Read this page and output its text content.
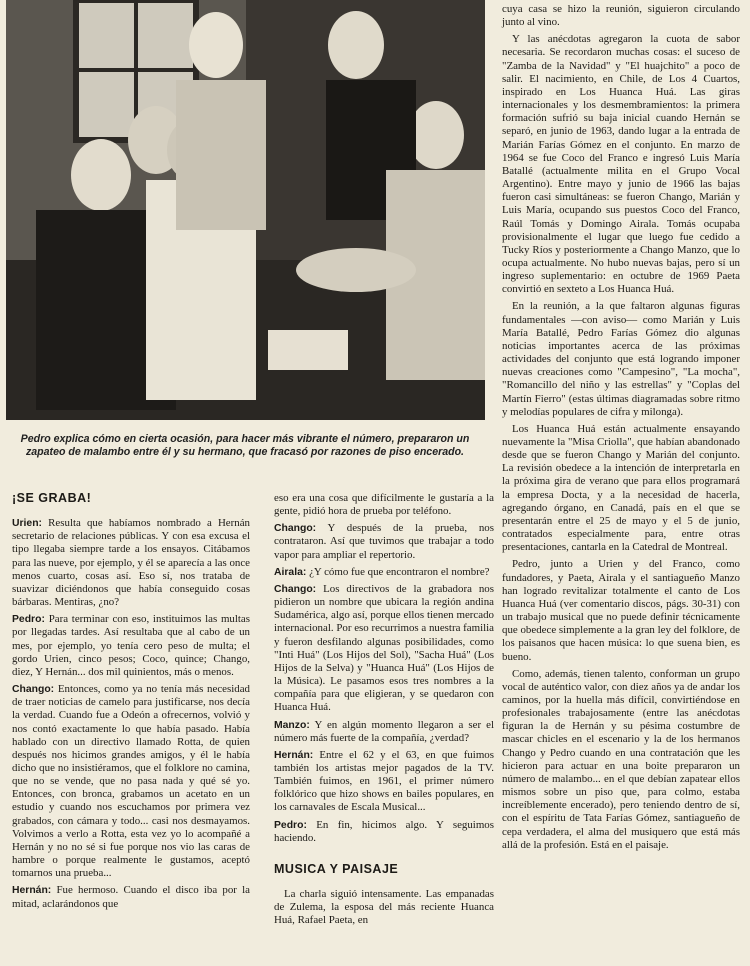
Pedro explica cómo en cierta ocasión, para hacer más vibrante el número, prepararon un zapateo de malambo entre él y su hermano, que fracasó por razones de piso encerado.
¡SE GRABA!

Urien: Resulta que habíamos nombrado a Hernán secretario de relaciones públicas. Y con esa excusa el tipo llegaba siempre tarde a los ensayos. Citábamos para las nueve, por ejemplo, y él se aparecía a las once menos cuarto, cosas así. Eso sí, nos trataba de suavizar diciéndonos que había conseguido cosas bárbaras. Mentiras, ¿no?

Pedro: Para terminar con eso, instituimos las multas por llegadas tardes. Así resultaba que al cabo de un mes, por ejemplo, yo tenía cero peso de multa; el gordo Urien, cinco pesos; Coco, quince; Chango, diez, Y Hernán... dos mil quinientos, más o menos.

Chango: Entonces, como ya no tenía más necesidad de traer noticias de camelo para justificarse, nos decía la verdad. Cuando fue a Odeón a ofrecernos, volvió y nos contó exactamente lo que había pasado. Había hablado con un directivo llamado Rotta, de quien después nos hicimos grandes amigos, y él le había dicho que no insistiéramos, que el folklore no camina, que no se vende, que no pasa nada y qué sé yo. Entonces, con bronca, grabamos un acetato en un estudio y cuando nos escuchamos por primera vez grabados, con cámara y todo... casi nos desmayamos. Volvimos a verlo a Rotta, esta vez yo lo acompañé a Hernán y no no sé si fue porque nos vio las caras de hambre o porque realmente le gustamos, aceptó tomarnos una prueba...

Hernán: Fue hermoso. Cuando el disco iba por la mitad, aclarándonos que

eso era una cosa que difícilmente le gustaría a la gente, pidió hora de prueba por teléfono.

Chango: Y después de la prueba, nos contrataron. Así que tuvimos que trabajar a todo vapor para ampliar el repertorio.

Airala: ¿Y cómo fue que encontraron el nombre?

Chango: Los directivos de la grabadora nos pidieron un nombre que ubicara la región andina Sudamérica, algo así, porque ellos tienen mercado internacional. Por eso recurrimos a nuestra familia y fueron desfilando algunas posibilidades, como "Inti Huá" (Los Hijos del Sol), "Sacha Huá" (Los Hijos de la Selva) y "Huanca Huá" (Los Hijos de la Música). Le pasamos esos tres nombres a la compañía para que eligieran, y se quedaron con Huanca Huá.

Manzo: Y en algún momento llegaron a ser el número más fuerte de la compañía, ¿verdad?

Hernán: Entre el 62 y el 63, en que fuimos también los artistas mejor pagados de la TV. También fuimos, en 1961, el primer número folklórico que hizo shows en bailes populares, en los carnavales de Escala Musical...

Pedro: En fin, hicimos algo. Y seguimos haciendo.

MUSICA Y PAISAJE

La charla siguió intensamente. Las empanadas de Zulema, la esposa del más reciente Huanca Huá, Rafael Paeta, en

cuya casa se hizo la reunión, siguieron circulando junto al vino.

Y las anécdotas agregaron la cuota de sabor necesaria. Se recordaron muchas cosas: el suceso de "Zamba de la Navidad" y "El huajchito" a poco de salir. El nacimiento, en Chile, de Los 4 Cuartos, inspirado en Los Huanca Huá. Las giras internacionales y los desmembramientos: la primera formación sufrió su baja inicial cuando Hernán se separó, en junio de 1963, dando lugar a la entrada de Marián Farías Gómez en el conjunto. En marzo de 1964 se fue Coco del Franco e ingresó Luis María Batallé (actualmente milita en el Grupo Vocal Argentino). Entre mayo y junio de 1966 las bajas fueron casi simultáneas: se fueron Chango, Marián y Luis María, ocupando sus puestos Coco del Franco, Raúl Tomás y Domingo Airala. Tomás ocupaba provisionalmente el lugar que luego fue cedido a Tucky Ríos y posteriormente a Chango Manzo, que lo ocupa actualmente. No hubo nuevas bajas, pero sí un ingreso suplementario: en octubre de 1969 Paeta convirtió en sexteto a Los Huanca Huá.

En la reunión, a la que faltaron algunas figuras fundamentales —con aviso— como Marián y Luis María Batallé, Pedro Farías Gómez dio algunas noticias importantes acerca de las próximas actividades del conjunto que está logrando imponer nuevas creaciones como "Campesino", "La mocha", "Romancillo del niño y las estrellas" y "Coplas del Martín Fierro" (estas últimas diagramadas sobre ritmo y melodías populares de cifra y milonga).

Los Huanca Huá están actualmente ensayando nuevamente la "Misa Criolla", que habían abandonado desde que se fueron Chango y Marián del conjunto. La revisión obedece a la intención de interpretarla en la próxima gira de verano que para ellos programará la empresa Docta, y a la necesidad de hacerla, agregando órgano, en Canadá, país en el que se presentarán entre el 25 de mayo y el 5 de junio, contratados especialmente para, entre otras presentaciones, cantarla en la Catedral de Montreal.

Pedro, junto a Urien y del Franco, como fundadores, y Paeta, Airala y el santiagueño Manzo han logrado revitalizar totalmente el canto de Los Huanca Huá (ver comentario discos, págs. 30-31) con un trabajo musical que no puede definir técnicamente que obedece simplemente a la gran ley del folklore, de los paisanos que hacen música: lo que suena bien, es bueno.

Como, además, tienen talento, conforman un grupo vocal de auténtico valor, con diez años ya de andar los caminos, por la huella más difícil, convirtiéndose en profesionales trabajosamente (entre las anécdotas figuran la de Hernán y su pésima costumbre de mascar chicles en el escenario y la de los hermanos Chango y Pedro cuando en una contratación que les hicieron para actuar en una boite prepararon un número de malambo... en el que debían zapatear ellos mismos sobre un piso que, para colmo, estaba increíblemente encerado), pero teniendo dentro de sí, con el espíritu de Tata Farías Gómez, santiagueño de cepa verdadera, el alma del musiquero que está más allá de la profesión. Está en el paisaje.
